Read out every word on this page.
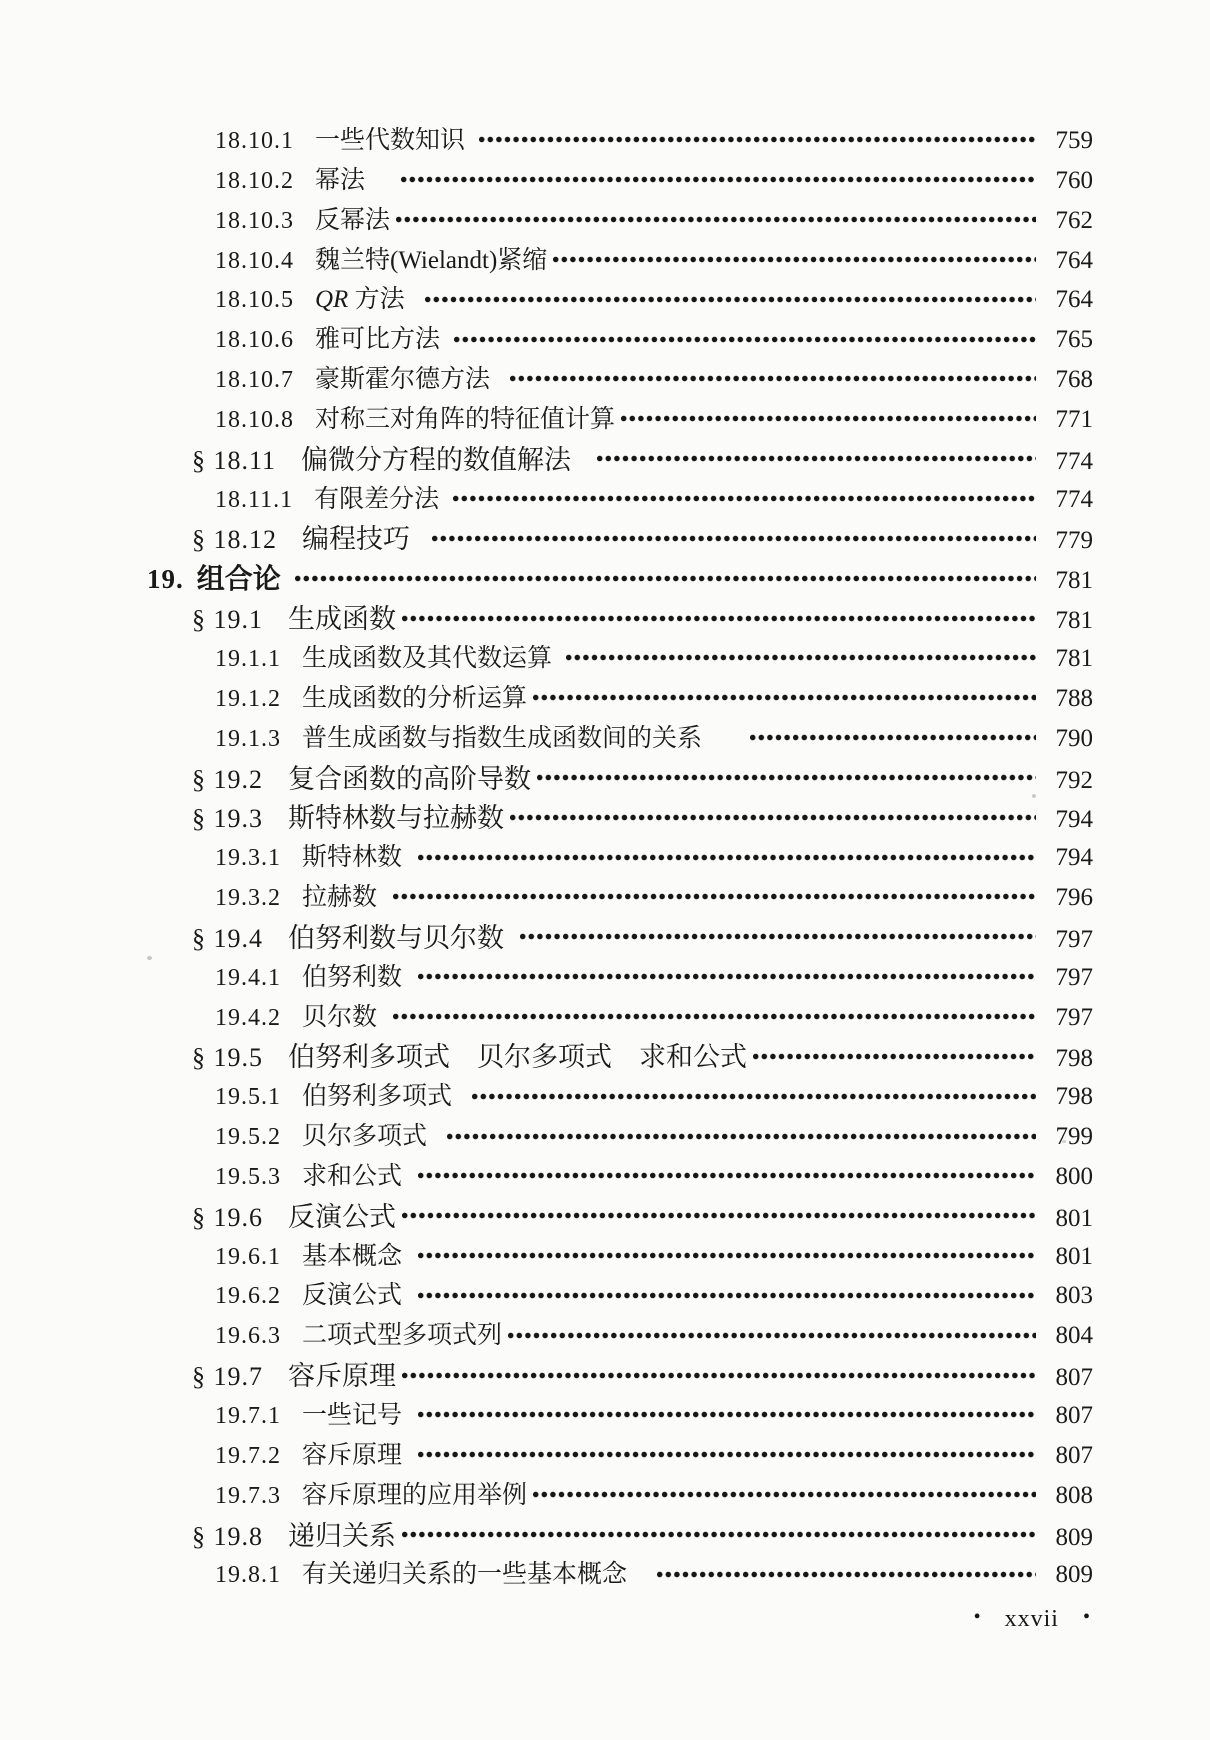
18.10.1 一些代数知识	759
18.10.2 幂法	760
18.10.3 反幂法	762
18.10.4 魏兰特(Wielandt)紧缩	764
18.10.5 QR 方法	764
18.10.6 雅可比方法	765
18.10.7 豪斯霍尔德方法	768
18.10.8 对称三对角阵的特征值计算	771
§ 18.11 偏微分方程的数值解法	774
18.11.1 有限差分法	774
§ 18.12 编程技巧	779
19. 组合论	781
§ 19.1 生成函数	781
19.1.1 生成函数及其代数运算	781
19.1.2 生成函数的分析运算	788
19.1.3 普生成函数与指数生成函数间的关系	790
§ 19.2 复合函数的高阶导数	792
§ 19.3 斯特林数与拉赫数	794
19.3.1 斯特林数	794
19.3.2 拉赫数	796
§ 19.4 伯努利数与贝尔数	797
19.4.1 伯努利数	797
19.4.2 贝尔数	797
§ 19.5 伯努利多项式　贝尔多项式　求和公式	798
19.5.1 伯努利多项式	798
19.5.2 贝尔多项式	799
19.5.3 求和公式	800
§ 19.6 反演公式	801
19.6.1 基本概念	801
19.6.2 反演公式	803
19.6.3 二项式型多项式列	804
§ 19.7 容斥原理	807
19.7.1 一些记号	807
19.7.2 容斥原理	807
19.7.3 容斥原理的应用举例	808
§ 19.8 递归关系	809
19.8.1 有关递归关系的一些基本概念	809
• xxvii •
